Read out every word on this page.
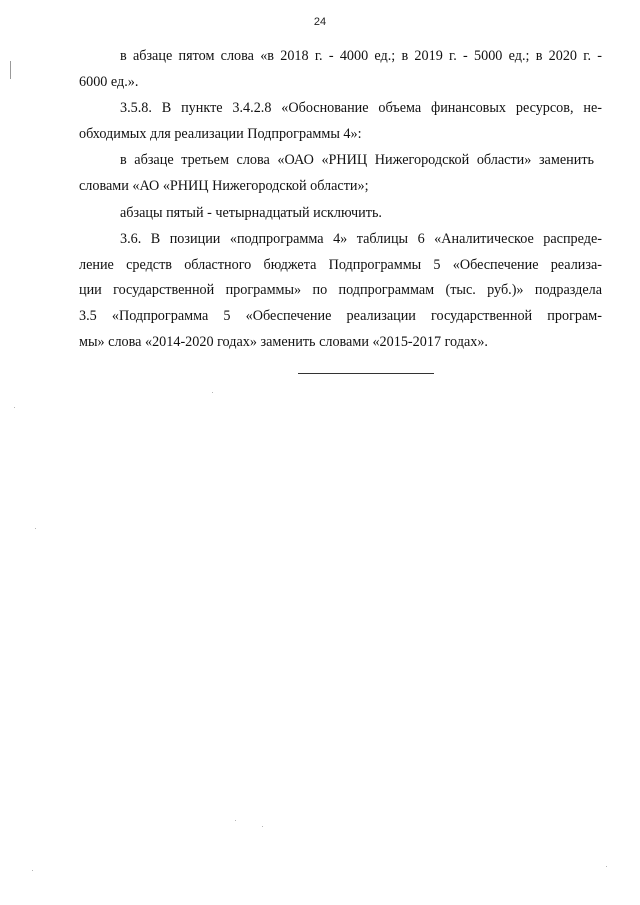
24
в абзаце пятом слова «в 2018 г. - 4000 ед.; в 2019 г. - 5000 ед.; в 2020 г. -
6000 ед.».
3.5.8. В пункте 3.4.2.8 «Обоснование объема финансовых ресурсов, не-
обходимых для реализации Подпрограммы 4»:
в абзаце третьем слова «ОАО «РНИЦ Нижегородской области» заменить
словами «АО «РНИЦ Нижегородской области»;
абзацы пятый - четырнадцатый исключить.
3.6. В позиции «подпрограмма 4» таблицы 6 «Аналитическое распреде-
ление средств областного бюджета Подпрограммы 5 «Обеспечение реализа-
ции государственной программы» по подпрограммам (тыс. руб.)» подраздела
3.5 «Подпрограмма 5 «Обеспечение реализации государственной програм-
мы» слова «2014-2020 годах» заменить словами «2015-2017 годах».
